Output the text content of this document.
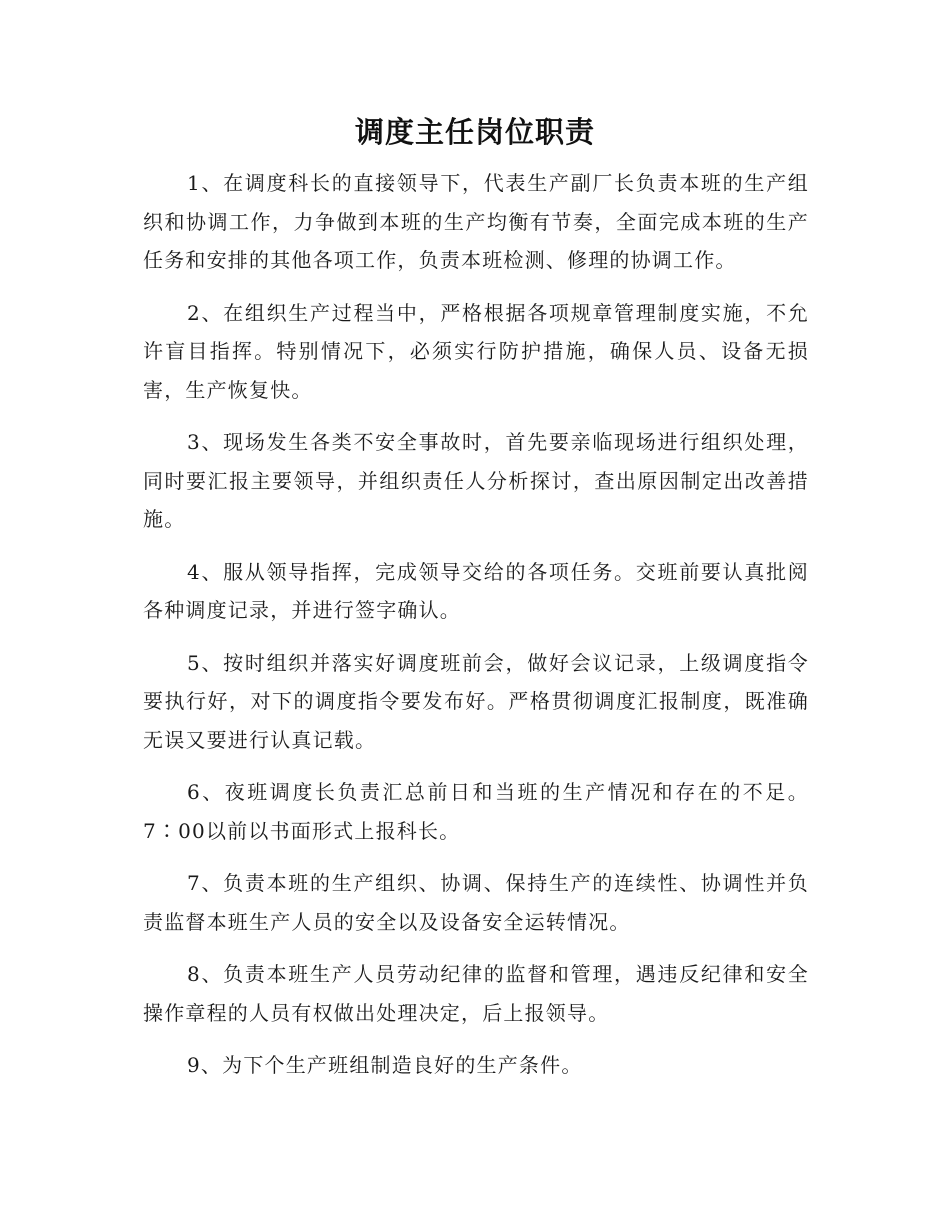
调度主任岗位职责

1、在调度科长的直接领导下，代表生产副厂长负责本班的生产组织和协调工作，力争做到本班的生产均衡有节奏，全面完成本班的生产任务和安排的其他各项工作，负责本班检测、修理的协调工作。

2、在组织生产过程当中，严格根据各项规章管理制度实施，不允许盲目指挥。特别情况下，必须实行防护措施，确保人员、设备无损害，生产恢复快。

3、现场发生各类不安全事故时，首先要亲临现场进行组织处理，同时要汇报主要领导，并组织责任人分析探讨，查出原因制定出改善措施。

4、服从领导指挥，完成领导交给的各项任务。交班前要认真批阅各种调度记录，并进行签字确认。

5、按时组织并落实好调度班前会，做好会议记录，上级调度指令要执行好，对下的调度指令要发布好。严格贯彻调度汇报制度，既准确无误又要进行认真记载。

6、夜班调度长负责汇总前日和当班的生产情况和存在的不足。7∶00以前以书面形式上报科长。

7、负责本班的生产组织、协调、保持生产的连续性、协调性并负责监督本班生产人员的安全以及设备安全运转情况。

8、负责本班生产人员劳动纪律的监督和管理，遇违反纪律和安全操作章程的人员有权做出处理决定，后上报领导。

9、为下个生产班组制造良好的生产条件。
